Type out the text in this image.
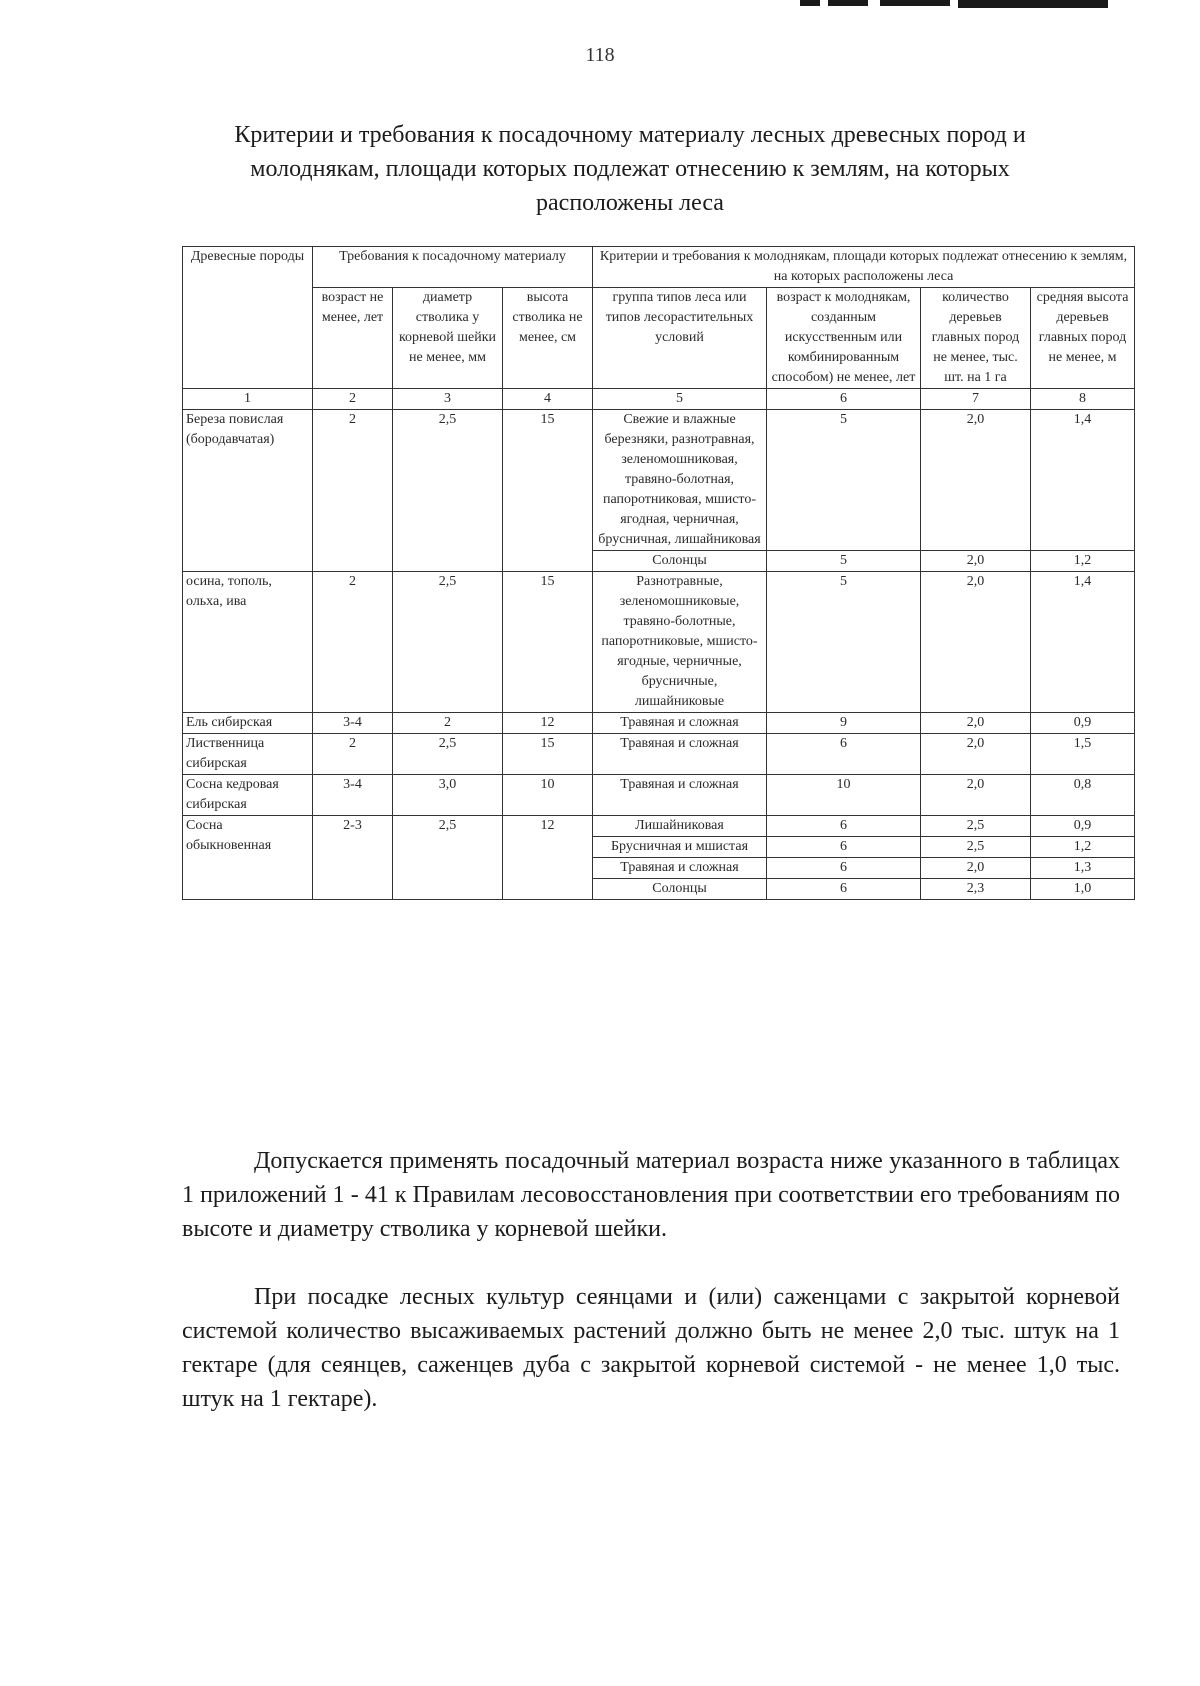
118
Критерии и требования к посадочному материалу лесных древесных пород и
молоднякам, площади которых подлежат отнесению к землям, на которых
расположены леса
Древесные породы	Требования к посадочному материалу			Критерии и требования к молоднякам, площади которых подлежат отнесению к землям, на которых расположены леса			
	возраст не менее, лет	диаметр стволика у корневой шейки не менее, мм	высота стволика не менее, см	группа типов леса или типов лесорастительных условий	возраст к молоднякам, созданным искусственным или комбинированным способом) не менее, лет	количество деревьев главных пород не менее, тыс. шт. на 1 га	средняя высота деревьев главных пород не менее, м
1	2	3	4	5	6	7	8
Береза повислая (бородавчатая)	2	2,5	15	Свежие и влажные березняки, разнотравная, зеленомошниковая, травяно-болотная, папоротниковая, мшисто-ягодная, черничная, брусничная, лишайниковая	5	2,0	1,4
				Солонцы	5	2,0	1,2
осина, тополь, ольха, ива	2	2,5	15	Разнотравные, зеленомошниковые, травяно-болотные, папоротниковые, мшисто-ягодные, черничные, брусничные, лишайниковые	5	2,0	1,4
Ель сибирская	3-4	2	12	Травяная и сложная	9	2,0	0,9
Лиственница сибирская	2	2,5	15	Травяная и сложная	6	2,0	1,5
Сосна кедровая сибирская	3-4	3,0	10	Травяная и сложная	10	2,0	0,8
Сосна обыкновенная	2-3	2,5	12	Лишайниковая	6	2,5	0,9
				Брусничная и мшистая	6	2,5	1,2
				Травяная и сложная	6	2,0	1,3
				Солонцы	6	2,3	1,0

Допускается применять посадочный материал возраста ниже указанного в таблицах 1 приложений 1 - 41 к Правилам лесовосстановления при соответствии его требованиям по высоте и диаметру стволика у корневой шейки.

При посадке лесных культур сеянцами и (или) саженцами с закрытой корневой системой количество высаживаемых растений должно быть не менее 2,0 тыс. штук на 1 гектаре (для сеянцев, саженцев дуба с закрытой корневой системой - не менее 1,0 тыс. штук на 1 гектаре).
